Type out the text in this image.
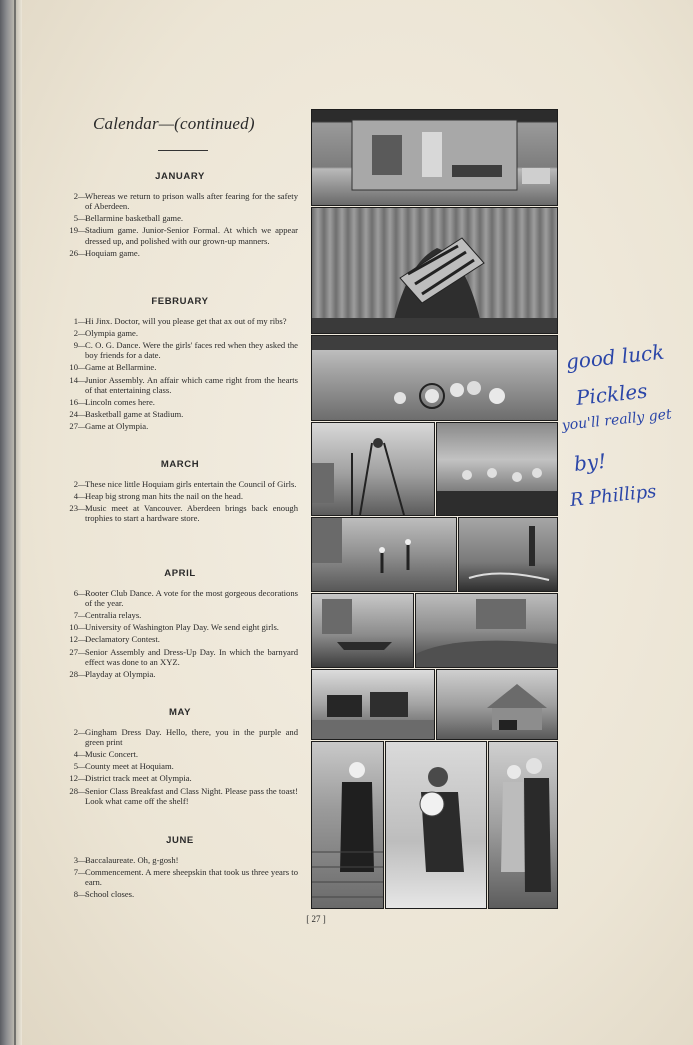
Calendar—(continued)
JANUARY
2 —
Whereas we return to prison walls after fearing for the safety of Aberdeen.
5 —
Bellarmine basketball game.
19 —
Stadium game. Junior-Senior Formal. At which we appear dressed up, and polished with our grown-up manners.
26 —
Hoquiam game.
FEBRUARY
1 —
Hi Jinx. Doctor, will you please get that ax out of my ribs?
2 —
Olympia game.
9 —
C. O. G. Dance. Were the girls' faces red when they asked the boy friends for a date.
10 —
Game at Bellarmine.
14 —
Junior Assembly. An affair which came right from the hearts of that entertaining class.
16 —
Lincoln comes here.
24 —
Basketball game at Stadium.
27 —
Game at Olympia.
MARCH
2 —
These nice little Hoquiam girls entertain the Council of Girls.
4 —
Heap big strong man hits the nail on the head.
23 —
Music meet at Vancouver. Aberdeen brings back enough trophies to start a hardware store.
APRIL
6 —
Rooter Club Dance. A vote for the most gorgeous decorations of the year.
7 —
Centralia relays.
10 —
University of Washington Play Day. We send eight girls.
12 —
Declamatory Contest.
27 —
Senior Assembly and Dress-Up Day. In which the barnyard effect was done to an XYZ.
28 —
Playday at Olympia.
MAY
2 —
Gingham Dress Day. Hello, there, you in the purple and green print
4 —
Music Concert.
5 —
County meet at Hoquiam.
12 —
District track meet at Olympia.
28 —
Senior Class Breakfast and Class Night. Please pass the toast! Look what came off the shelf!
JUNE
3 —
Baccalaureate. Oh, g-gosh!
7 —
Commencement. A mere sheepskin that took us three years to earn.
8 —
School closes.
[ 27 ]
good luck
Pickles
you'll really get
by!
R Phillips
